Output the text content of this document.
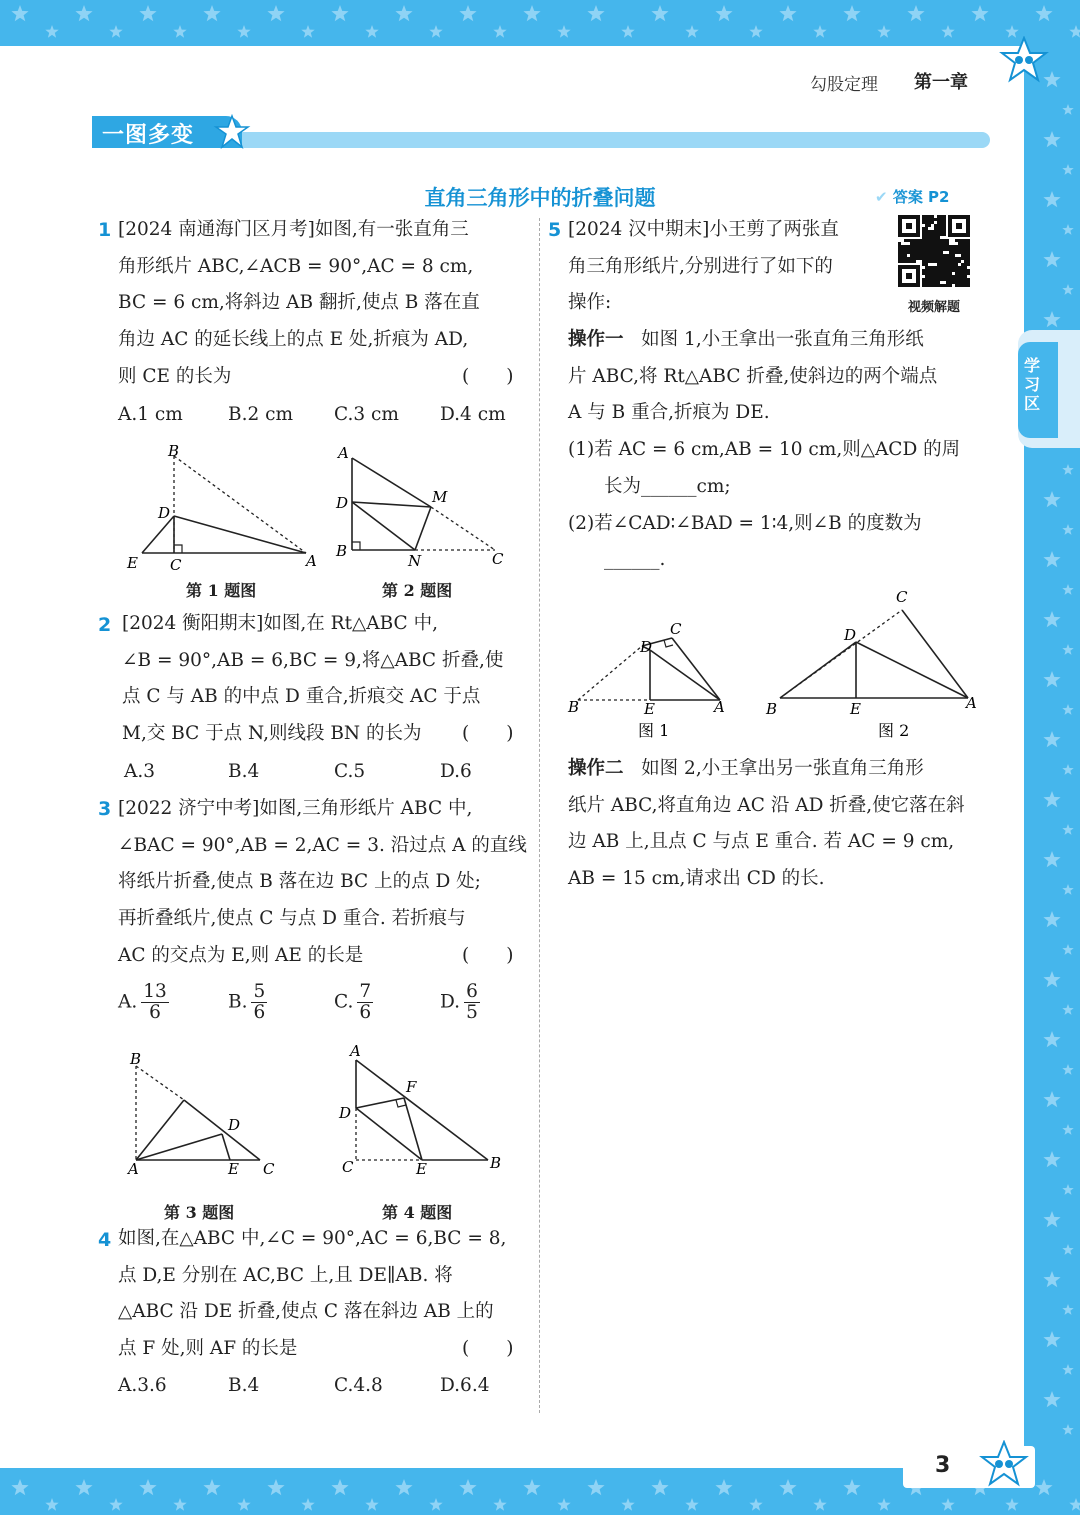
勾股定理 第一章
一图多变
直角三角形中的折叠问题	✔ 答案 P2
视频解题
学习区
1 [2024 南通海门区月考]如图,有一张直角三
角形纸片 ABC,∠ACB = 90°,AC = 8 cm,
BC = 6 cm,将斜边 AB 翻折,使点 B 落在直
角边 AC 的延长线上的点 E 处,折痕为 AD,
则 CE 的长为	(　　)
A.1 cm B.2 cm C.3 cm D.4 cm
B
D
E C	A
第 1 题图
A
D	M
B
N	C
第 2 题图
2 [2024 衡阳期末]如图,在 Rt△ABC 中,
∠B = 90°,AB = 6,BC = 9,将△ABC 折叠,使
点 C 与 AB 的中点 D 重合,折痕交 AC 于点
M,交 BC 于点 N,则线段 BN 的长为	(　　)
A.3	B.4	C.5	D.6
3 [2022 济宁中考]如图,三角形纸片 ABC 中,
∠BAC = 90°,AB = 2,AC = 3. 沿过点 A 的直线
将纸片折叠,使点 B 落在边 BC 上的点 D 处;
再折叠纸片,使点 C 与点 D 重合. 若折痕与
AC 的交点为 E,则 AE 的长是	(　　)
A. $\frac{13}{6}$	B. $\frac{5}{6}$	C. $\frac{7}{6}$	D. $\frac{6}{5}$
B
D
A	E C
第 3 题图
A
F
D
C	E	B
第 4 题图
4 如图,在△ABC 中,∠C = 90°,AC = 6,BC = 8,
点 D,E 分别在 AC,BC 上,且 DE∥AB. 将
△ABC 沿 DE 折叠,使点 C 落在斜边 AB 上的
点 F 处,则 AF 的长是	(　　)
A.3.6	B.4	C.4.8	D.6.4
5 [2024 汉中期末]小王剪了两张直
角三角形纸片,分别进行了如下的
操作:
操作一 如图 1,小王拿出一张直角三角形纸
片 ABC,将 Rt△ABC 折叠,使斜边的两个端点
A 与 B 重合,折痕为 DE.
(1)若 AC = 6 cm,AB = 10 cm,则△ACD 的周
长为______cm;
(2)若∠CAD∶∠BAD = 1∶4,则∠B 的度数为
______.
C
D
B	E	A
图 1
C
D
B	E	A
图 2
操作二 如图 2,小王拿出另一张直角三角形
纸片 ABC,将直角边 AC 沿 AD 折叠,使它落在斜
边 AB 上,且点 C 与点 E 重合. 若 AC = 9 cm,
AB = 15 cm,请求出 CD 的长.
3
